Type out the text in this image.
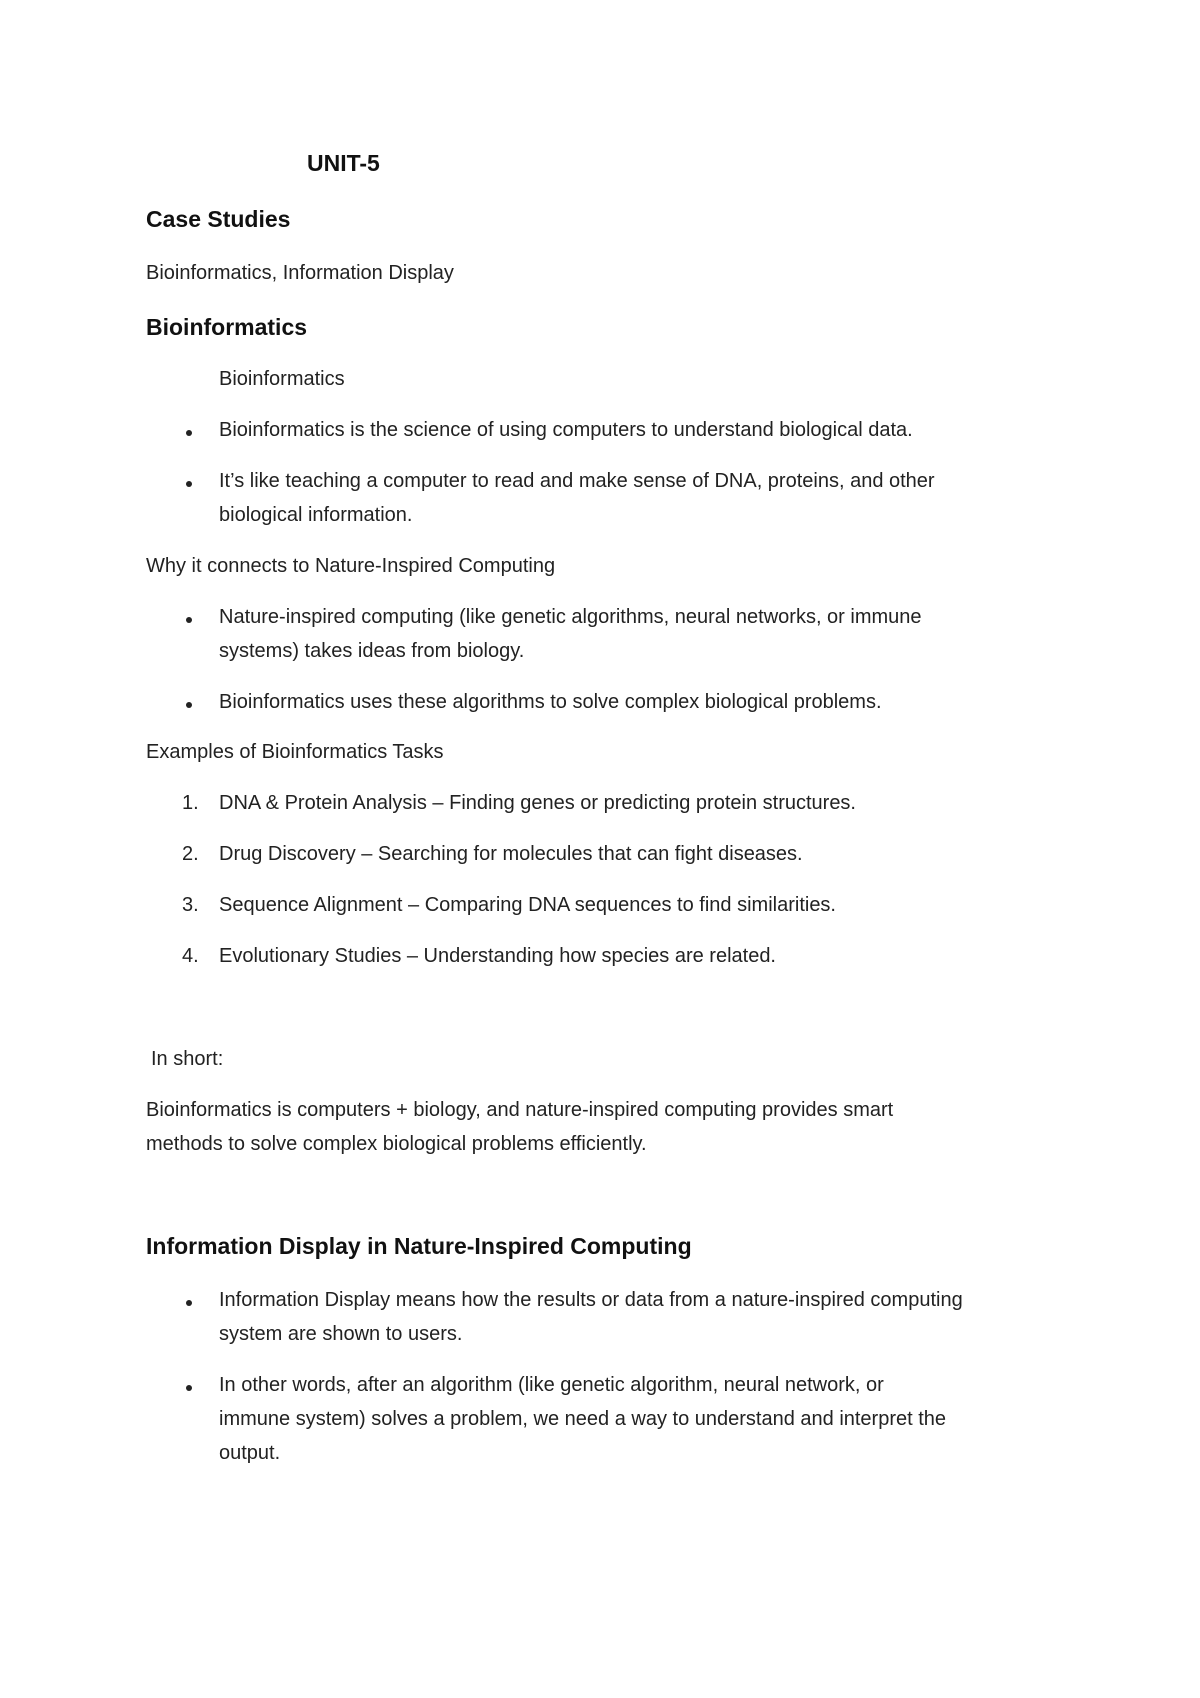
UNIT-5
Case Studies
Bioinformatics, Information Display
Bioinformatics
Bioinformatics
Bioinformatics is the science of using computers to understand biological data.
It’s like teaching a computer to read and make sense of DNA, proteins, and other
biological information.
Why it connects to Nature-Inspired Computing
Nature-inspired computing (like genetic algorithms, neural networks, or immune
systems) takes ideas from biology.
Bioinformatics uses these algorithms to solve complex biological problems.
Examples of Bioinformatics Tasks
1. DNA & Protein Analysis – Finding genes or predicting protein structures.
2. Drug Discovery – Searching for molecules that can fight diseases.
3. Sequence Alignment – Comparing DNA sequences to find similarities.
4. Evolutionary Studies – Understanding how species are related.
In short:
Bioinformatics is computers + biology, and nature-inspired computing provides smart
methods to solve complex biological problems efficiently.
Information Display in Nature-Inspired Computing
Information Display means how the results or data from a nature-inspired computing
system are shown to users.
In other words, after an algorithm (like genetic algorithm, neural network, or
immune system) solves a problem, we need a way to understand and interpret the
output.
